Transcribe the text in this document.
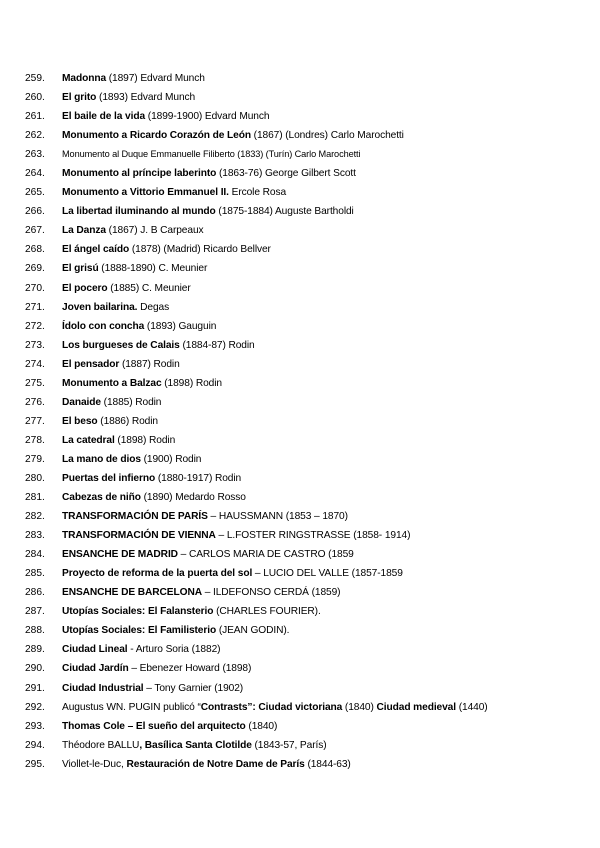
259.	Madonna (1897) Edvard Munch
260.	El grito (1893) Edvard Munch
261.	El baile de la vida (1899-1900) Edvard Munch
262.	Monumento a Ricardo Corazón de León (1867) (Londres) Carlo Marochetti
263.	Monumento al Duque Emmanuelle Filiberto (1833) (Turín) Carlo Marochetti
264.	Monumento al príncipe laberinto (1863-76) George Gilbert Scott
265.	Monumento a Vittorio Emmanuel II. Ercole Rosa
266.	La libertad iluminando al mundo (1875-1884) Auguste Bartholdi
267.	La Danza (1867) J. B Carpeaux
268.	El ángel caído (1878) (Madrid) Ricardo Bellver
269.	El grisú (1888-1890) C. Meunier
270.	El pocero (1885) C. Meunier
271.	Joven bailarina. Degas
272.	Ídolo con concha (1893) Gauguin
273.	Los burgueses de Calais (1884-87) Rodin
274.	El pensador (1887) Rodin
275.	Monumento a Balzac (1898) Rodin
276.	Danaide (1885) Rodin
277.	El beso (1886) Rodin
278.	La catedral (1898) Rodin
279.	La mano de dios (1900) Rodin
280.	Puertas del infierno (1880-1917) Rodin
281.	Cabezas de niño (1890) Medardo Rosso
282.	TRANSFORMACIÓN DE PARÍS – HAUSSMANN (1853 – 1870)
283.	TRANSFORMACIÓN DE VIENNA – L.FOSTER RINGSTRASSE (1858- 1914)
284.	ENSANCHE DE MADRID – CARLOS MARIA DE CASTRO (1859
285.	Proyecto de reforma de la puerta del sol – LUCIO DEL VALLE (1857-1859
286.	ENSANCHE DE BARCELONA – ILDEFONSO CERDÁ (1859)
287.	Utopías Sociales: El Falansterio (CHARLES FOURIER).
288.	Utopías Sociales: El Familisterio (JEAN GODIN).
289.	Ciudad Lineal - Arturo Soria (1882)
290.	Ciudad Jardín – Ebenezer Howard (1898)
291.	Ciudad Industrial – Tony Garnier (1902)
292.	Augustus WN. PUGIN publicó “Contrasts”: Ciudad victoriana (1840) Ciudad medieval (1440)
293.	Thomas Cole – El sueño del arquitecto (1840)
294.	Théodore BALLU, Basílica Santa Clotilde (1843-57, París)
295.	Viollet-le-Duc, Restauración de Notre Dame de París (1844-63)
